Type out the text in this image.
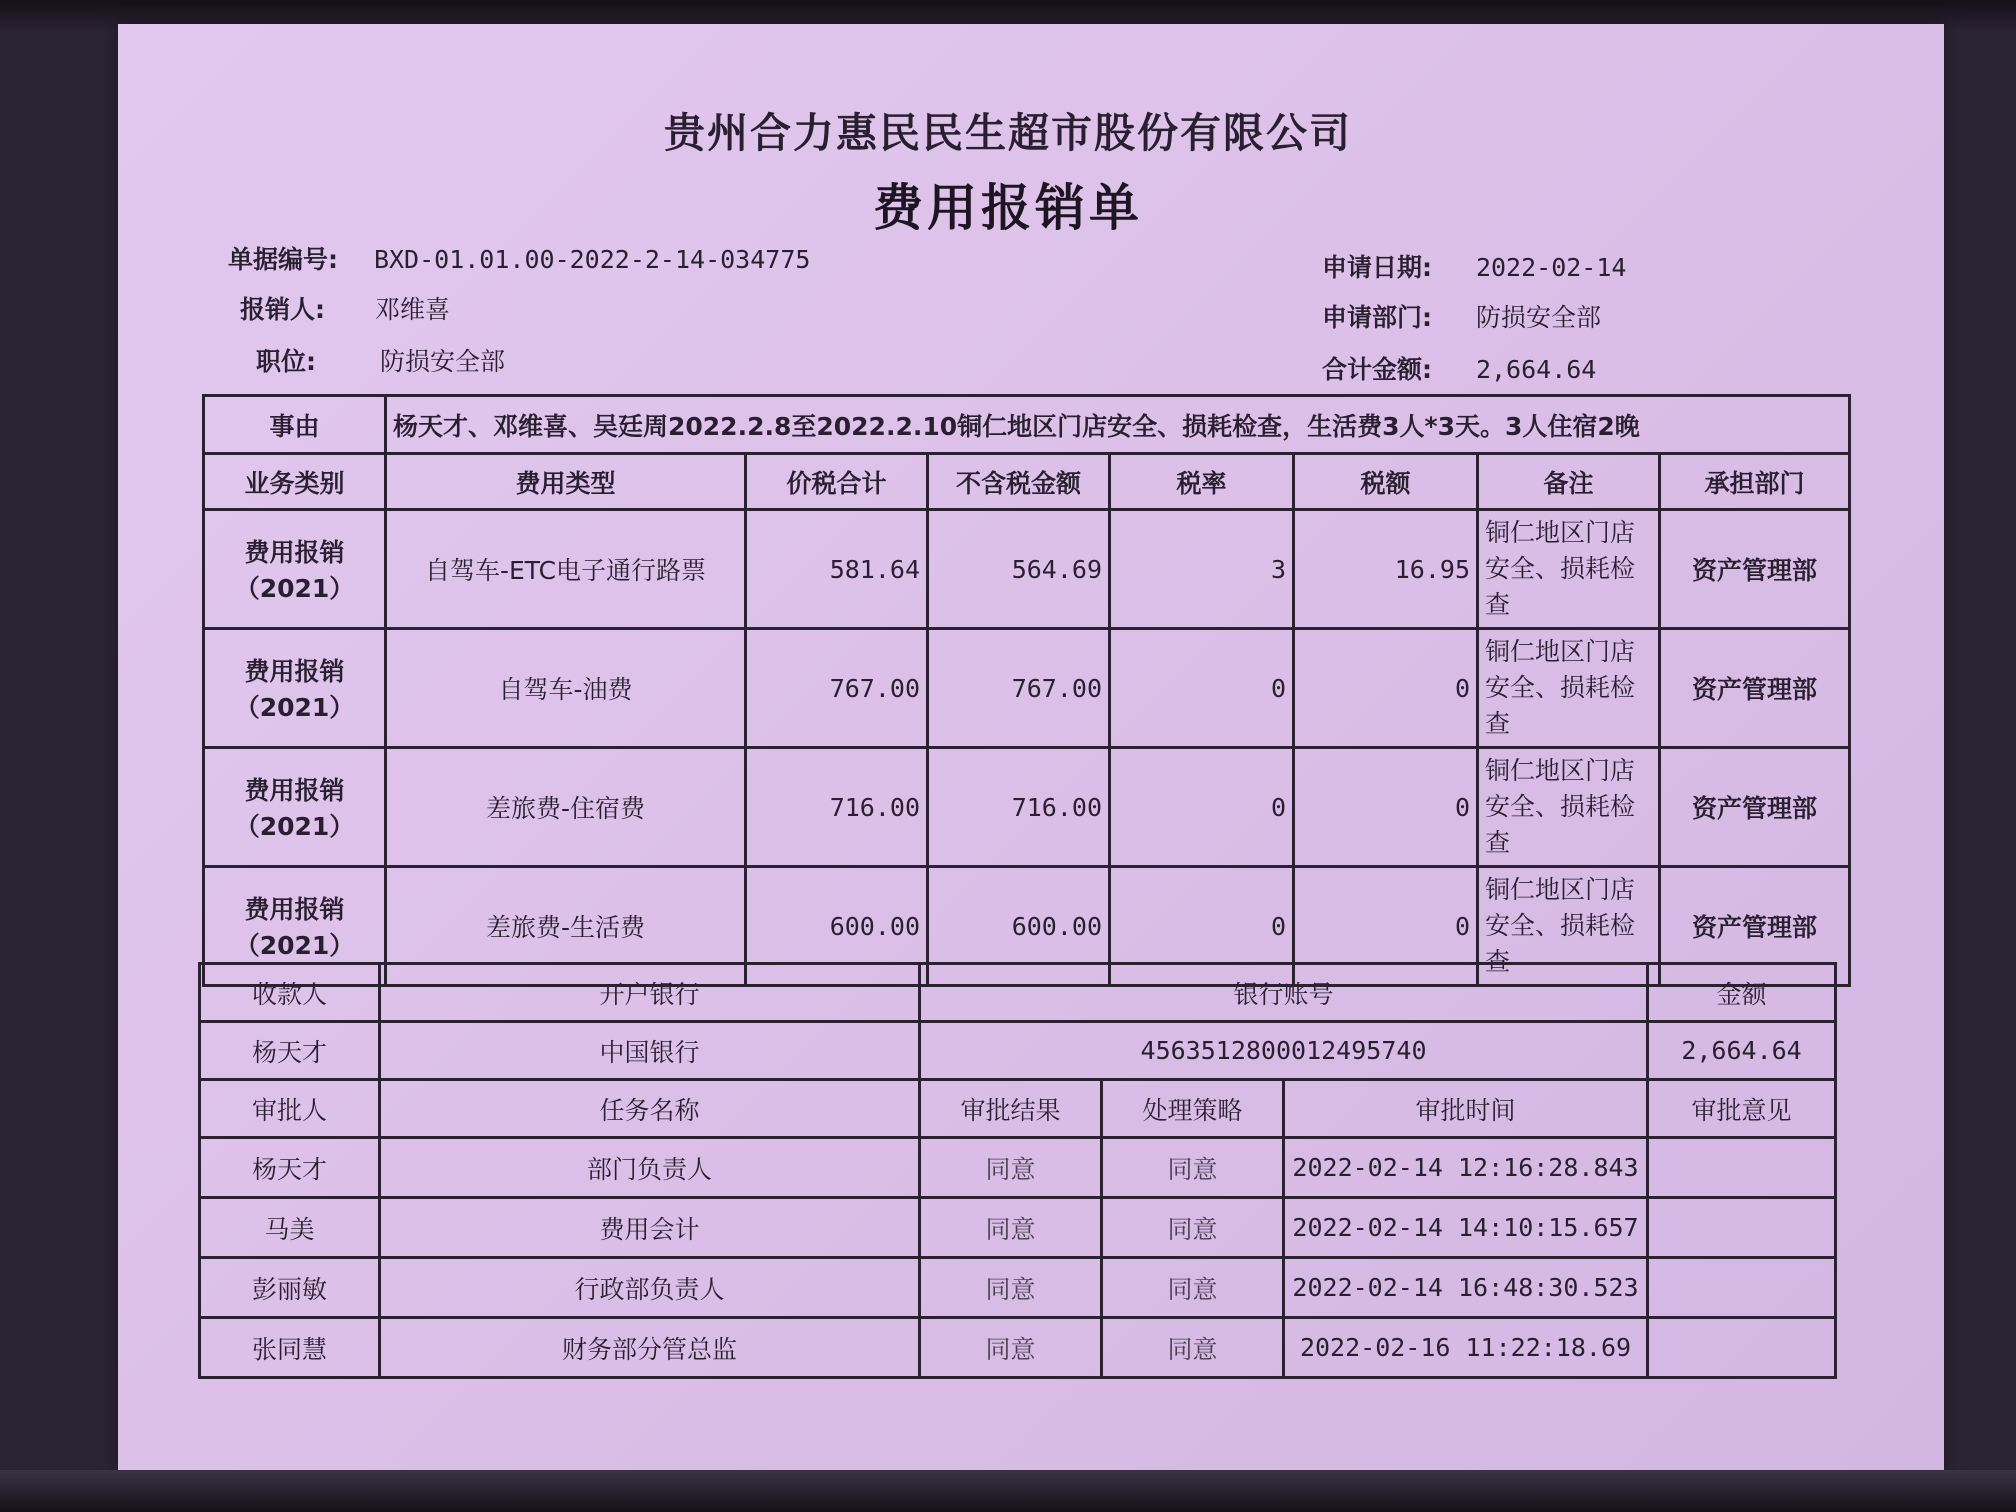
贵州合力惠民民生超市股份有限公司
费用报销单
单据编号: BXD-01.01.00-2022-2-14-034775
报销人: 邓维喜
职位:	防损安全部
申请日期: 2022-02-14
申请部门: 防损安全部
合计金额: 2,664.64
事由	杨天才、邓维喜、吴廷周2022.2.8至2022.2.10铜仁地区门店安全、损耗检查，生活费3人*3天。3人住宿2晚						
业务类别	费用类型	价税合计	不含税金额	税率	税额	备注	承担部门
费用报销（2021）	自驾车-ETC电子通行路票	581.64	564.69	3	16.95	铜仁地区门店安全、损耗检查	资产管理部
费用报销（2021）	自驾车-油费	767.00	767.00	0	0	铜仁地区门店安全、损耗检查	资产管理部
费用报销（2021）	差旅费-住宿费	716.00	716.00	0	0	铜仁地区门店安全、损耗检查	资产管理部
费用报销（2021）	差旅费-生活费	600.00	600.00	0	0	铜仁地区门店安全、损耗检查	资产管理部
收款人	开户银行	银行账号			金额
杨天才	中国银行	4563512800012495740			2,664.64
审批人	任务名称	审批结果	处理策略	审批时间	审批意见
杨天才	部门负责人	同意	同意	2022-02-14 12:16:28.843	
马美	费用会计	同意	同意	2022-02-14 14:10:15.657	
彭丽敏	行政部负责人	同意	同意	2022-02-14 16:48:30.523	
张同慧	财务部分管总监	同意	同意	2022-02-16 11:22:18.69	
